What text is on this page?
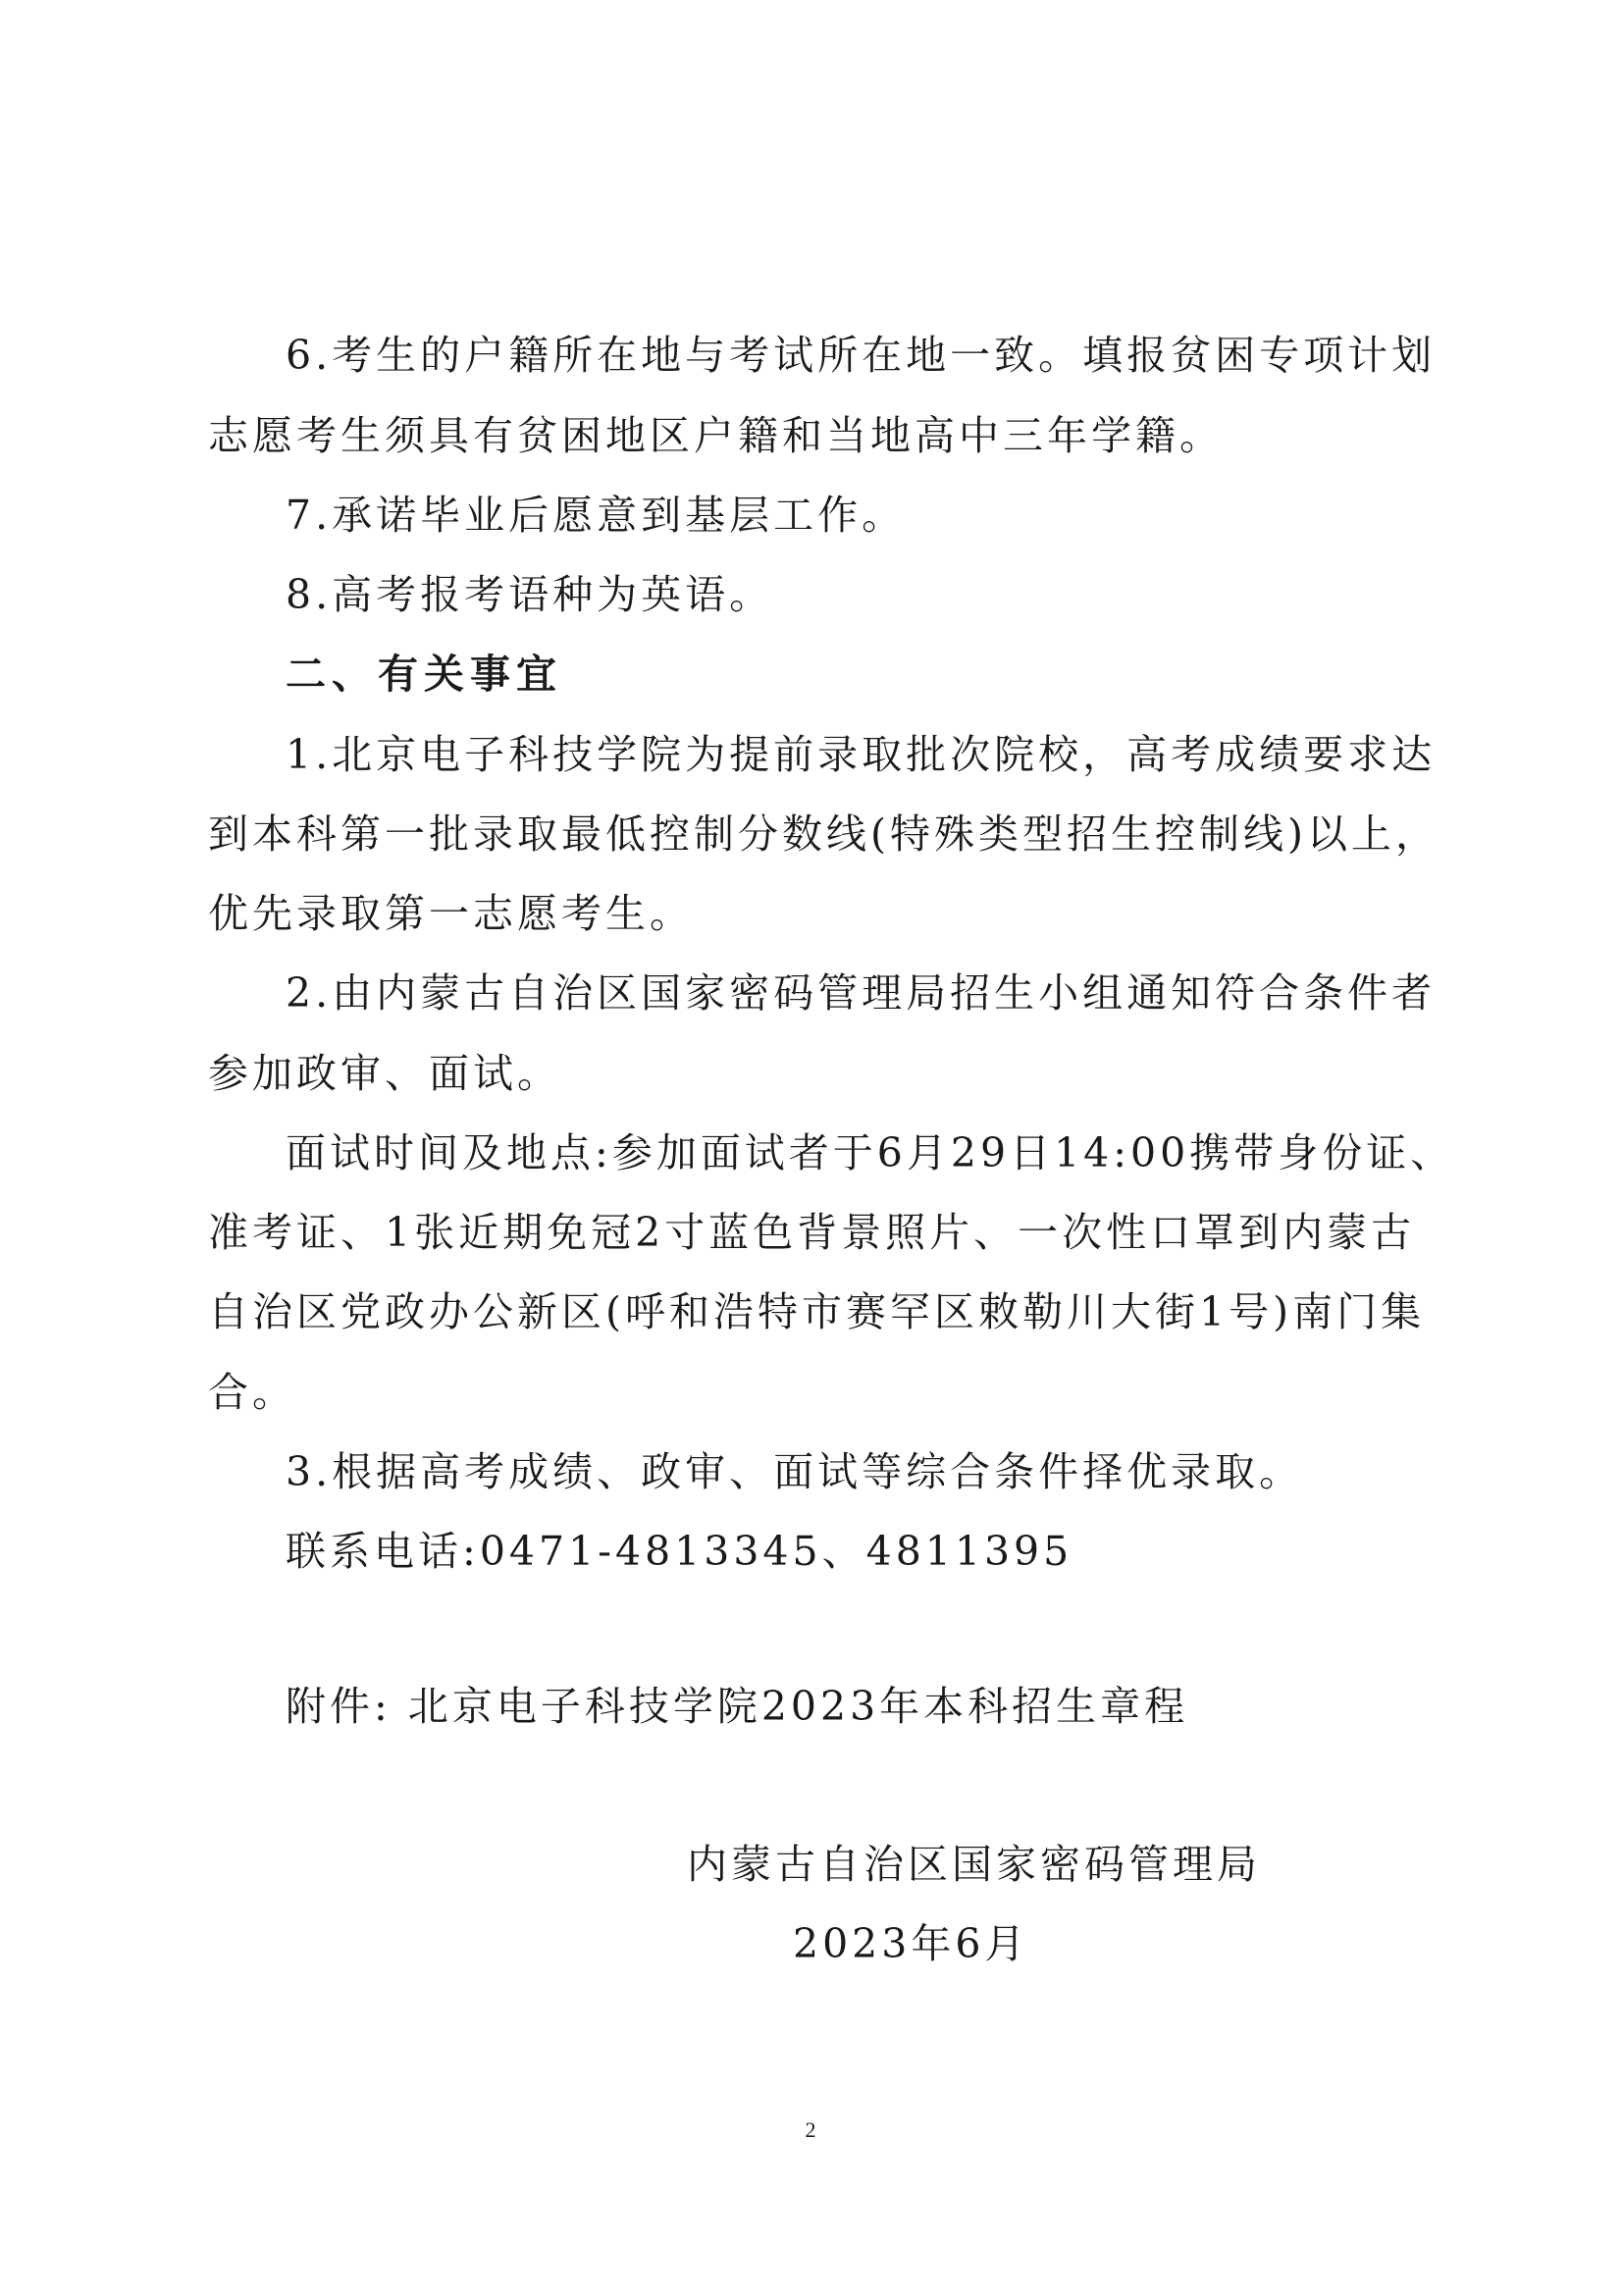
6.考生的户籍所在地与考试所在地一致。填报贫困专项计划
志愿考生须具有贫困地区户籍和当地高中三年学籍。
7.承诺毕业后愿意到基层工作。
8.高考报考语种为英语。
二、有关事宜
1.北京电子科技学院为提前录取批次院校，高考成绩要求达
到本科第一批录取最低控制分数线(特殊类型招生控制线)以上，
优先录取第一志愿考生。
2.由内蒙古自治区国家密码管理局招生小组通知符合条件者
参加政审、面试。
面试时间及地点:参加面试者于6月29日14:00携带身份证、
准考证、1张近期免冠2寸蓝色背景照片、一次性口罩到内蒙古
自治区党政办公新区(呼和浩特市赛罕区敕勒川大街1号)南门集
合。
3.根据高考成绩、政审、面试等综合条件择优录取。
联系电话:0471-4813345、4811395
附件: 北京电子科技学院2023年本科招生章程
内蒙古自治区国家密码管理局
2023年6月
2
